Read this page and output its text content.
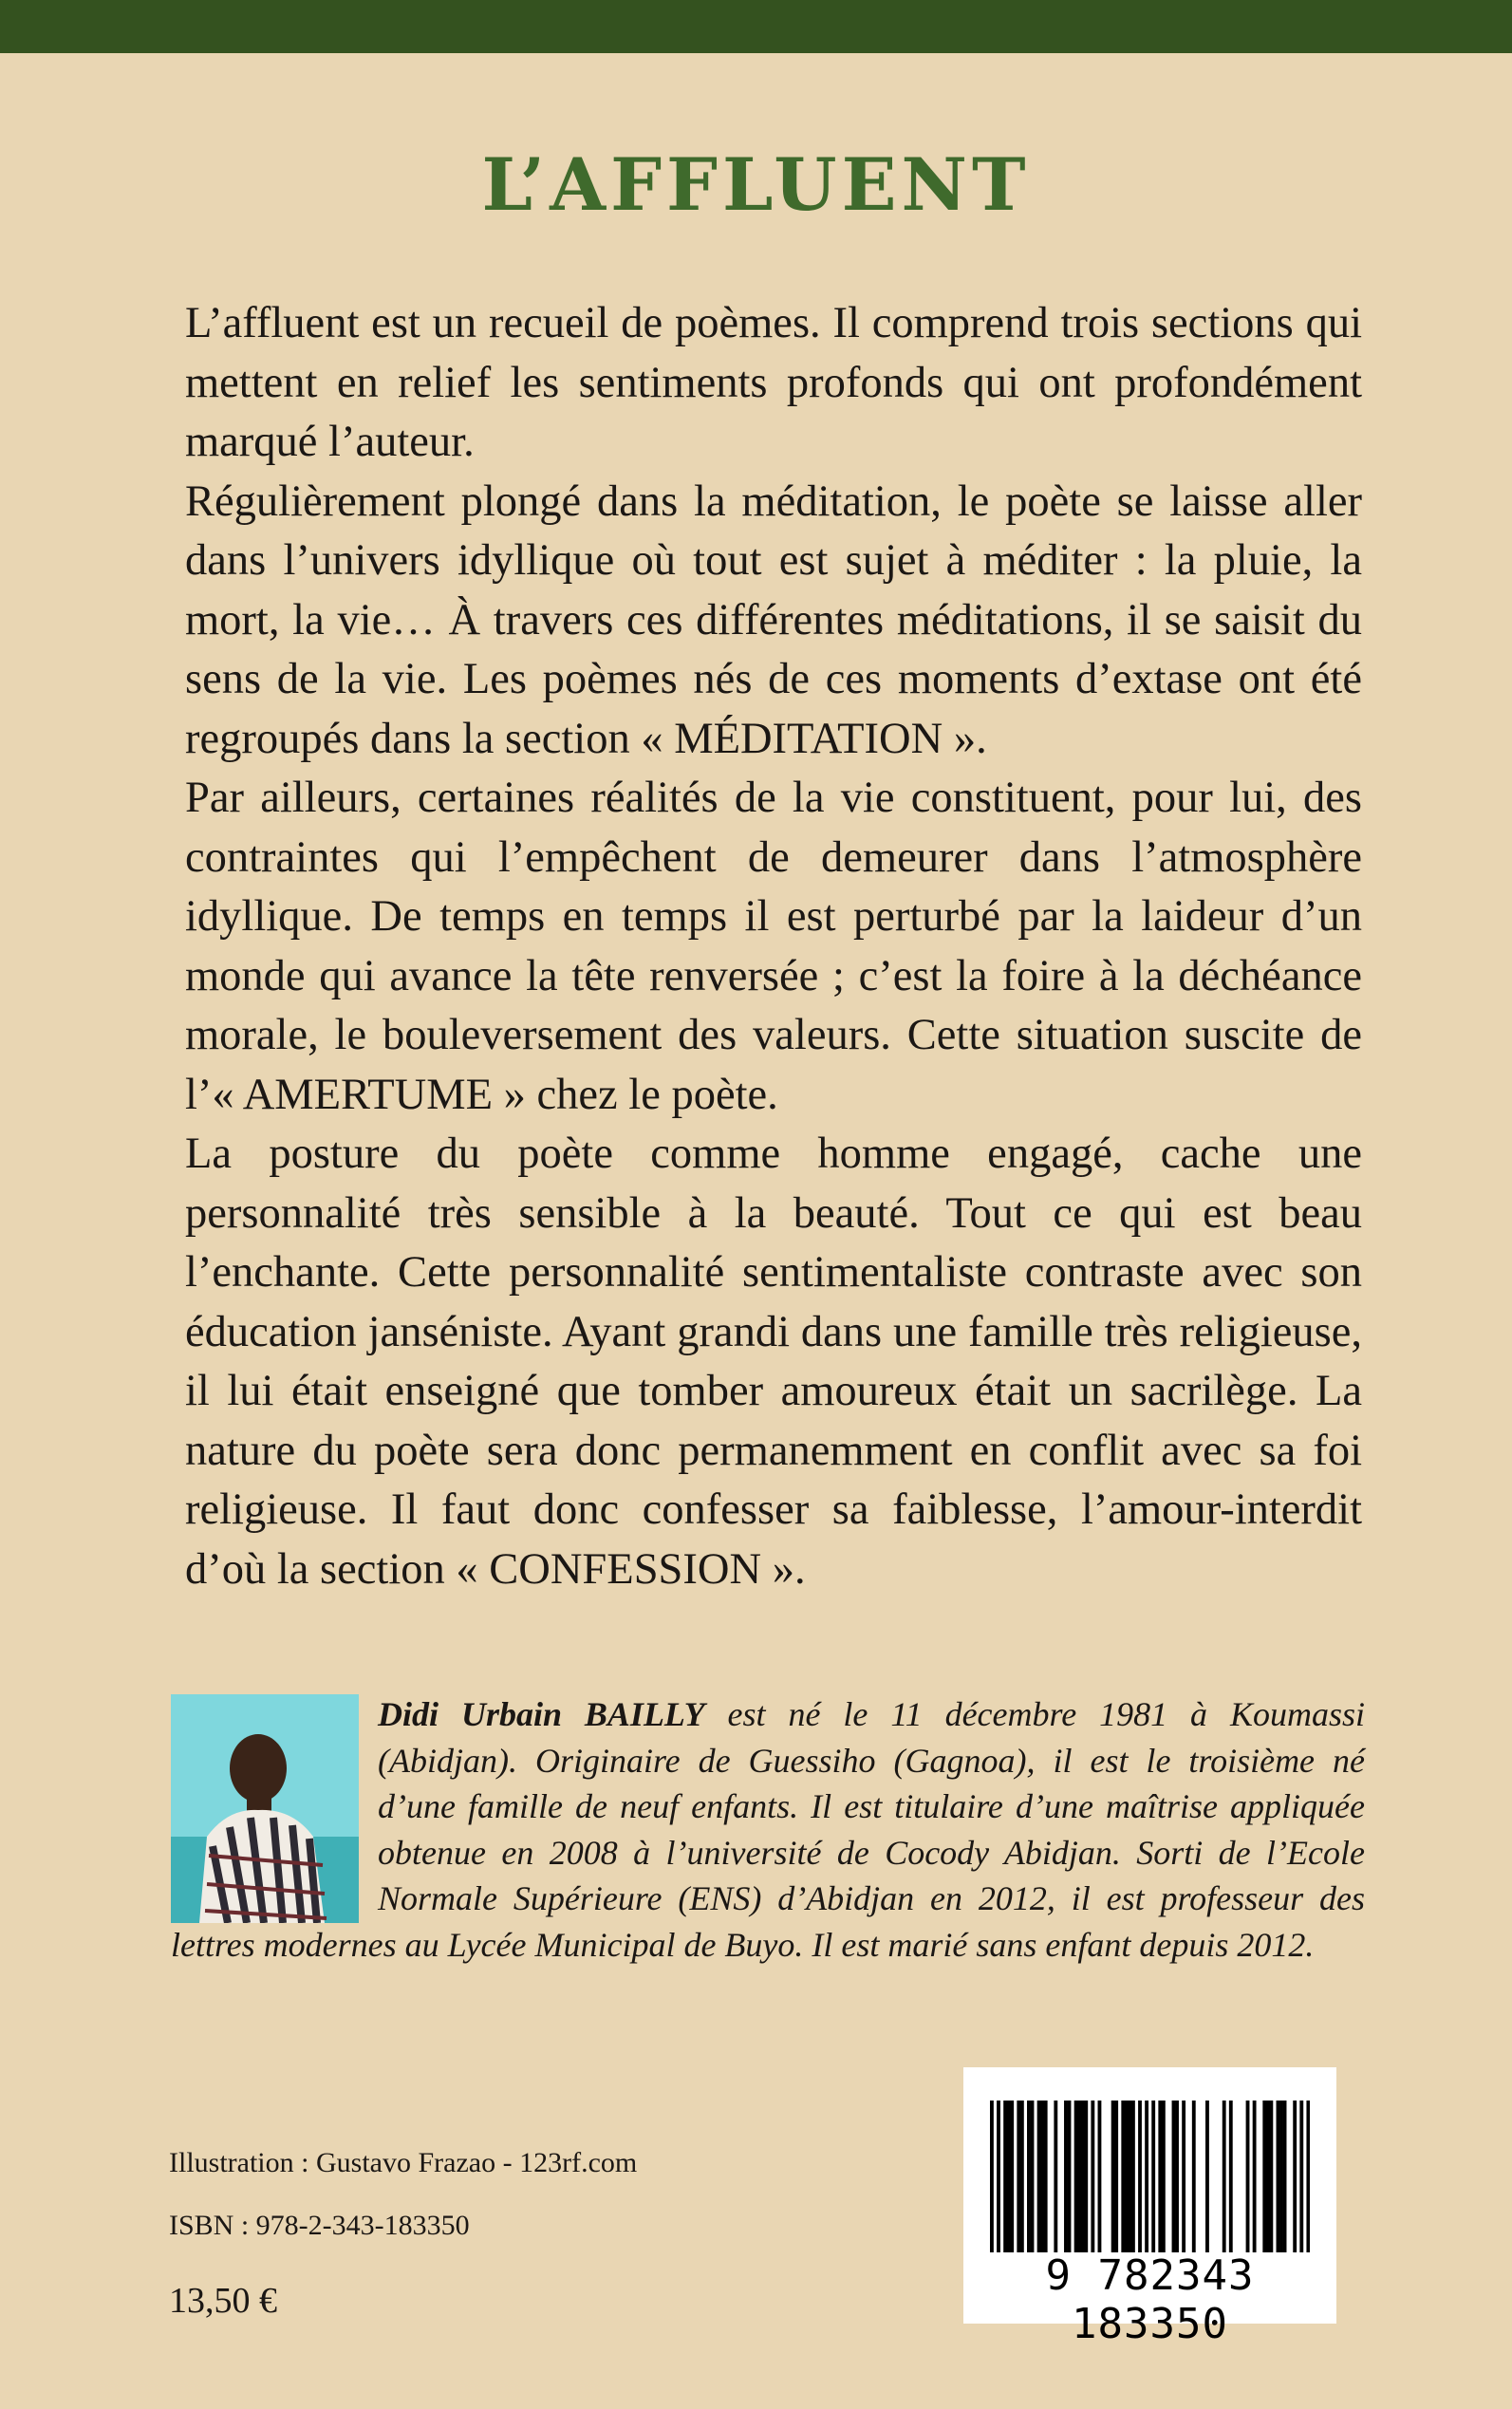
L’AFFLUENT

L’affluent est un recueil de poèmes. Il comprend trois sections qui mettent en relief les sentiments profonds qui ont profondément marqué l’auteur.

Régulièrement plongé dans la méditation, le poète se laisse aller dans l’univers idyllique où tout est sujet à méditer : la pluie, la mort, la vie… À travers ces différentes méditations, il se saisit du sens de la vie. Les poèmes nés de ces moments d’extase ont été regroupés dans la section « MÉDITATION ».

Par ailleurs, certaines réalités de la vie constituent, pour lui, des contraintes qui l’empêchent de demeurer dans l’atmosphère idyllique. De temps en temps il est perturbé par la laideur d’un monde qui avance la tête renversée ; c’est la foire à la déchéance morale, le bouleversement des valeurs. Cette situation suscite de l’« AMERTUME » chez le poète.

La posture du poète comme homme engagé, cache une personnalité très sensible à la beauté. Tout ce qui est beau l’enchante. Cette personnalité sentimentaliste contraste avec son éducation janséniste. Ayant grandi dans une famille très religieuse, il lui était enseigné que tomber amoureux était un sacrilège. La nature du poète sera donc permanemment en conflit avec sa foi religieuse. Il faut donc confesser sa faiblesse, l’amour-interdit d’où la section « CONFESSION ».

Didi Urbain BAILLY est né le 11 décembre 1981 à Koumassi (Abidjan). Originaire de Guessiho (Gagnoa), il est le troisième né d’une famille de neuf enfants. Il est titulaire d’une maîtrise appliquée obtenue en 2008 à l’université de Cocody Abidjan. Sorti de l’Ecole Normale Supérieure (ENS) d’Abidjan en 2012, il est professeur des lettres modernes au Lycée Municipal de Buyo. Il est marié sans enfant depuis 2012.

Illustration : Gustavo Frazao - 123rf.com
ISBN : 978-2-343-183350
13,50 €
9 782343 183350
